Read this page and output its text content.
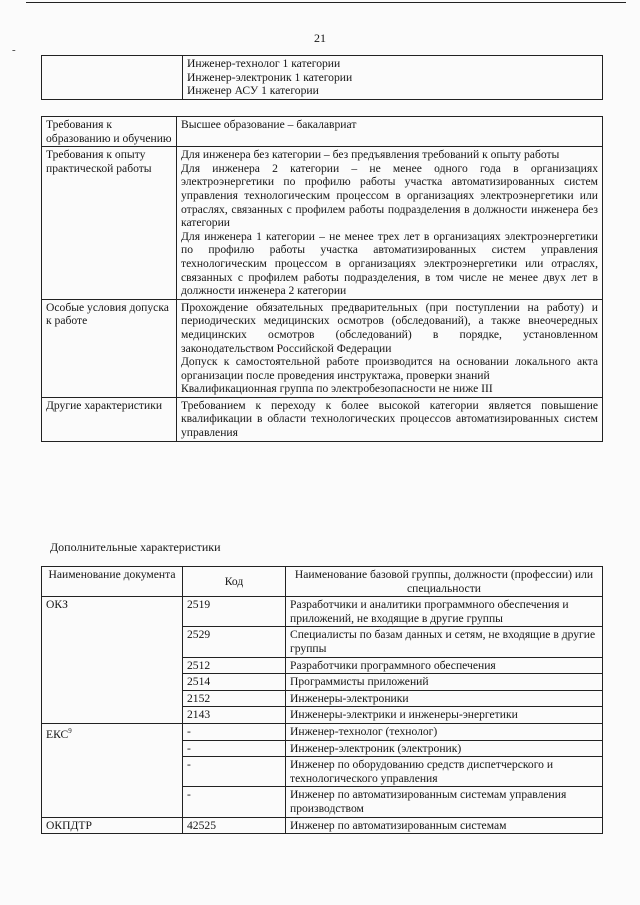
21
-

Инженер-технолог 1 категории
Инженер-электроник 1 категории
Инженер АСУ 1 категории
Требования к образованию и обучению	Высшее образование – бакалавриат

Требования к опыту практической работы	Для инженера без категории – без предъявления требований к опыту работы
Для инженера 2 категории – не менее одного года в организациях электроэнергетики по профилю работы участка автоматизированных систем управления технологическим процессом в организациях электроэнергетики или отраслях, связанных с профилем работы подразделения в должности инженера без категории
Для инженера 1 категории – не менее трех лет в организациях электроэнергетики по профилю работы участка автоматизированных систем управления технологическим процессом в организациях электроэнергетики или отраслях, связанных с профилем работы подразделения, в том числе не менее двух лет в должности инженера 2 категории

Особые условия допуска к работе	Прохождение обязательных предварительных (при поступлении на работу) и периодических медицинских осмотров (обследований), а также внеочередных медицинских осмотров (обследований) в порядке, установленном законодательством Российской Федерации
Допуск к самостоятельной работе производится на основании локального акта организации после проведения инструктажа, проверки знаний
Квалификационная группа по электробезопасности не ниже III

Другие характеристики	Требованием к переходу к более высокой категории является повышение квалификации в области технологических процессов автоматизированных систем управления
Дополнительные характеристики
Наименование документа	Код	Наименование базовой группы, должности (профессии) или специальности
ОКЗ	2519	Разработчики и аналитики программного обеспечения и приложений, не входящие в другие группы
	2529	Специалисты по базам данных и сетям, не входящие в другие группы
	2512	Разработчики программного обеспечения
	2514	Программисты приложений
	2152	Инженеры-электроники
	2143	Инженеры-электрики и инженеры-энергетики
ЕКС$^9$	-	Инженер-технолог (технолог)
	-	Инженер-электроник (электроник)
	-	Инженер по оборудованию средств диспетчерского и технологического управления
	-	Инженер по автоматизированным системам управления производством
ОКПДТР	42525	Инженер по автоматизированным системам
